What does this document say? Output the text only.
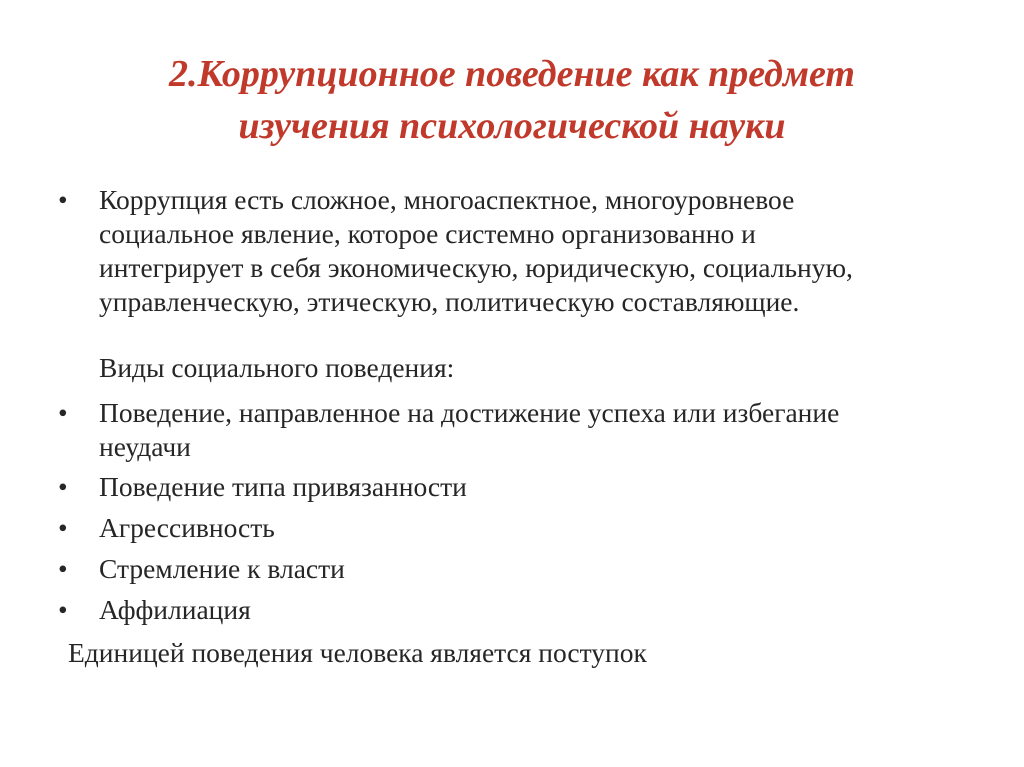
2.Коррупционное поведение как предмет
изучения психологической науки
•	Коррупция есть сложное, многоаспектное, многоуровневое
социальное явление, которое системно организованно и
интегрирует в себя экономическую, юридическую, социальную,
управленческую, этическую, политическую составляющие.
Виды социального поведения:
•	Поведение, направленное на достижение успеха или избегание
неудачи
•	Поведение типа привязанности
•	Агрессивность
•	Стремление к власти
•	Аффилиация
Единицей поведения человека является поступок
